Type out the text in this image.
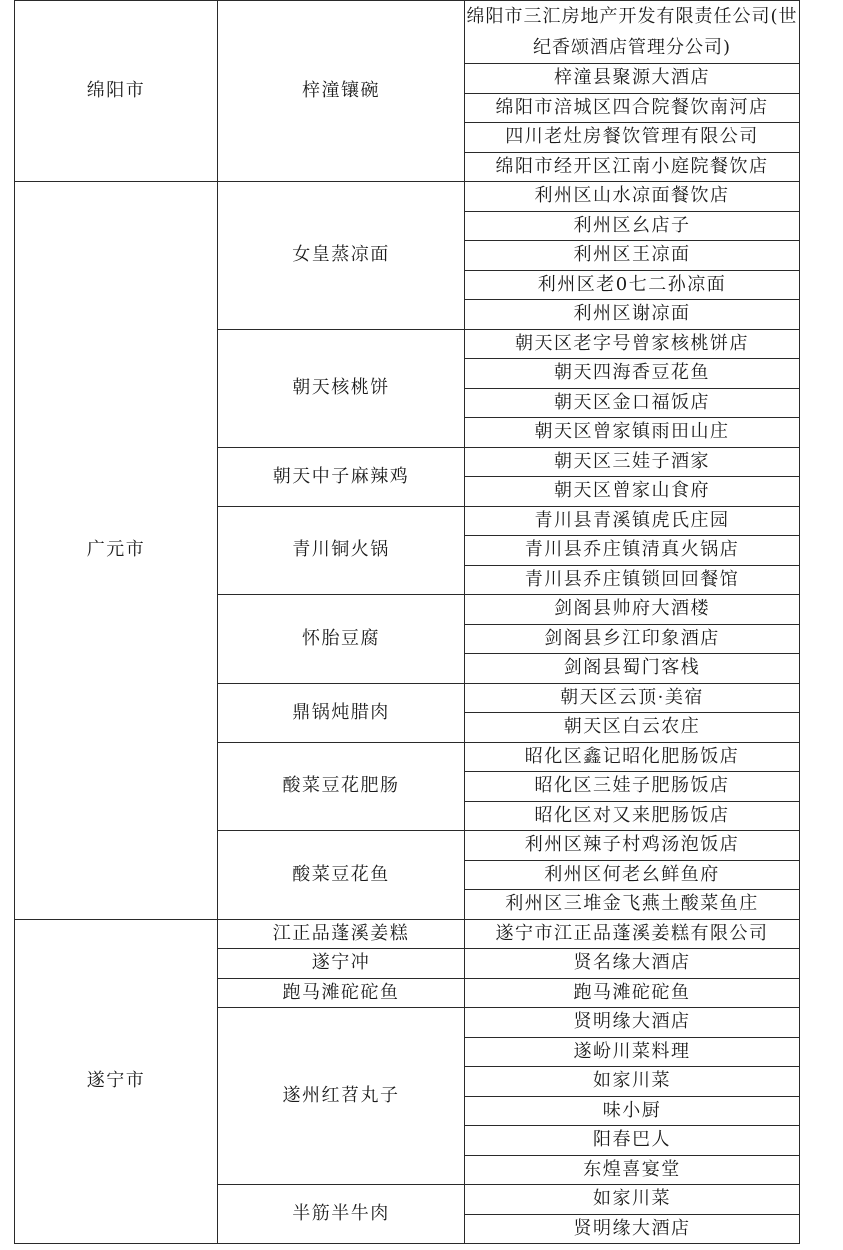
绵阳市	梓潼镶碗	绵阳市三汇房地产开发有限责任公司(世纪香颂酒店管理分公司)
		梓潼县聚源大酒店
		绵阳市涪城区四合院餐饮南河店
		四川老灶房餐饮管理有限公司
		绵阳市经开区江南小庭院餐饮店
广元市	女皇蒸凉面	利州区山水凉面餐饮店
		利州区幺店子
		利州区王凉面
		利州区老0七二孙凉面
		利州区谢凉面
	朝天核桃饼	朝天区老字号曾家核桃饼店
		朝天四海香豆花鱼
		朝天区金口福饭店
		朝天区曾家镇雨田山庄
	朝天中子麻辣鸡	朝天区三娃子酒家
		朝天区曾家山食府
	青川铜火锅	青川县青溪镇虎氏庄园
		青川县乔庄镇清真火锅店
		青川县乔庄镇锁回回餐馆
	怀胎豆腐	剑阁县帅府大酒楼
		剑阁县乡江印象酒店
		剑阁县蜀门客栈
	鼎锅炖腊肉	朝天区云顶·美宿
		朝天区白云农庄
	酸菜豆花肥肠	昭化区鑫记昭化肥肠饭店
		昭化区三娃子肥肠饭店
		昭化区对又来肥肠饭店
	酸菜豆花鱼	利州区辣子村鸡汤泡饭店
		利州区何老幺鲜鱼府
		利州区三堆金飞燕土酸菜鱼庄
遂宁市	江正品蓬溪姜糕	遂宁市江正品蓬溪姜糕有限公司
	遂宁冲	贤名缘大酒店
	跑马滩砣砣鱼	跑马滩砣砣鱼
	遂州红苕丸子	贤明缘大酒店
		遂岎川菜料理
		如家川菜
		味小厨
		阳春巴人
		东煌喜宴堂
	半筋半牛肉	如家川菜
		贤明缘大酒店
